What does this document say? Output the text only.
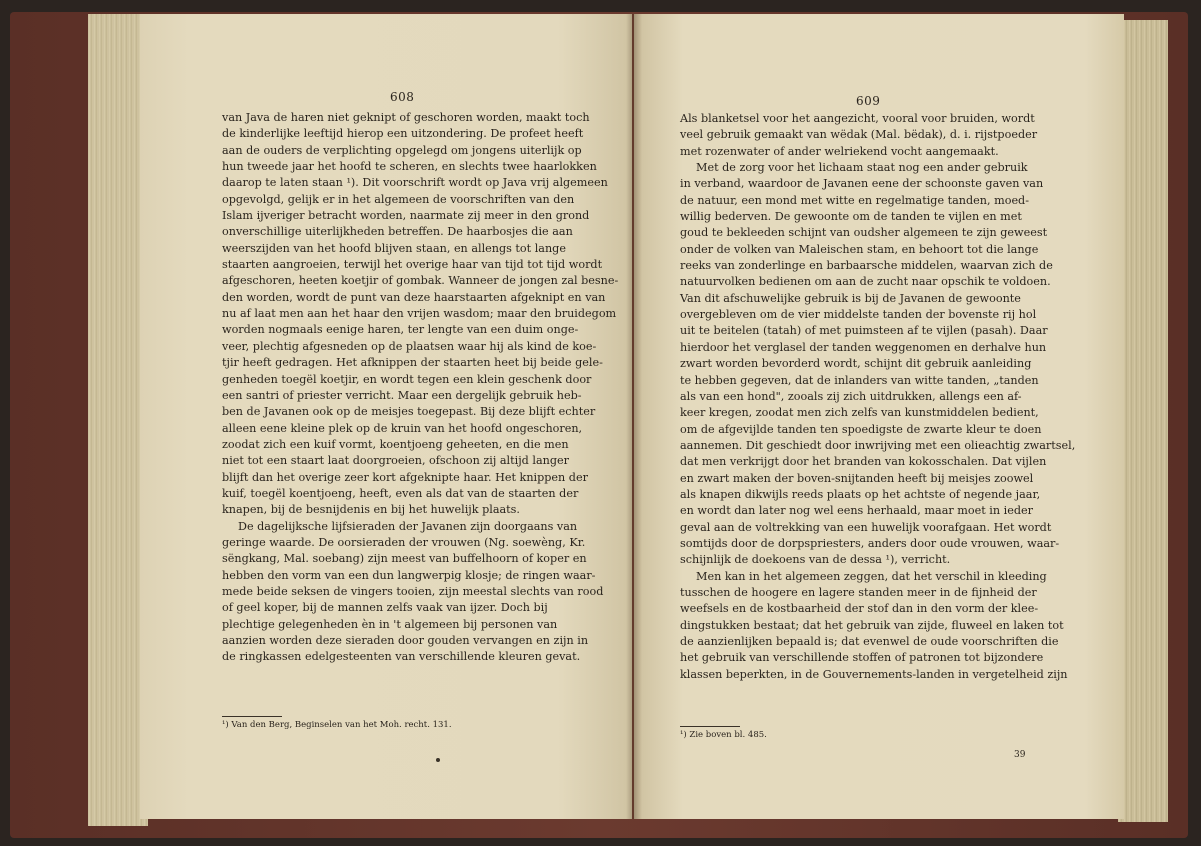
608
van Java de haren niet geknipt of geschoren worden, maakt toch
de kinderlijke leeftijd hierop een uitzondering. De profeet heeft
aan de ouders de verplichting opgelegd om jongens uiterlijk op
hun tweede jaar het hoofd te scheren, en slechts twee haarlokken
daarop te laten staan ¹). Dit voorschrift wordt op Java vrij algemeen
opgevolgd, gelijk er in het algemeen de voorschriften van den
Islam ijveriger betracht worden, naarmate zij meer in den grond
onverschillige uiterlijkheden betreffen. De haarbosjes die aan
weerszijden van het hoofd blijven staan, en allengs tot lange
staarten aangroeien, terwijl het overige haar van tijd tot tijd wordt
afgeschoren, heeten koetjir of gombak. Wanneer de jongen zal besne-
den worden, wordt de punt van deze haarstaarten afgeknipt en van
nu af laat men aan het haar den vrijen wasdom; maar den bruidegom
worden nogmaals eenige haren, ter lengte van een duim onge-
veer, plechtig afgesneden op de plaatsen waar hij als kind de koe-
tjir heeft gedragen. Het afknippen der staarten heet bij beide gele-
genheden toegël koetjir, en wordt tegen een klein geschenk door
een santri of priester verricht. Maar een dergelijk gebruik heb-
ben de Javanen ook op de meisjes toegepast. Bij deze blijft echter
alleen eene kleine plek op de kruin van het hoofd ongeschoren,
zoodat zich een kuif vormt, koentjoeng geheeten, en die men
niet tot een staart laat doorgroeien, ofschoon zij altijd langer
blijft dan het overige zeer kort afgeknipte haar. Het knippen der
kuif, toegël koentjoeng, heeft, even als dat van de staarten der
knapen, bij de besnijdenis en bij het huwelijk plaats.
De dagelijksche lijfsieraden der Javanen zijn doorgaans van
geringe waarde. De oorsieraden der vrouwen (Ng. soewèng, Kr.
sëngkang, Mal. soebang) zijn meest van buffelhoorn of koper en
hebben den vorm van een dun langwerpig klosje; de ringen waar-
mede beide seksen de vingers tooien, zijn meestal slechts van rood
of geel koper, bij de mannen zelfs vaak van ijzer. Doch bij
plechtige gelegenheden èn in 't algemeen bij personen van
aanzien worden deze sieraden door gouden vervangen en zijn in
de ringkassen edelgesteenten van verschillende kleuren gevat.
¹) Van den Berg, Beginselen van het Moh. recht. 131.
609
Als blanketsel voor het aangezicht, vooral voor bruiden, wordt
veel gebruik gemaakt van wëdak (Mal. bëdak), d. i. rijstpoeder
met rozenwater of ander welriekend vocht aangemaakt.
Met de zorg voor het lichaam staat nog een ander gebruik
in verband, waardoor de Javanen eene der schoonste gaven van
de natuur, een mond met witte en regelmatige tanden, moed-
willig bederven. De gewoonte om de tanden te vijlen en met
goud te bekleeden schijnt van oudsher algemeen te zijn geweest
onder de volken van Maleischen stam, en behoort tot die lange
reeks van zonderlinge en barbaarsche middelen, waarvan zich de
natuurvolken bedienen om aan de zucht naar opschik te voldoen.
Van dit afschuwelijke gebruik is bij de Javanen de gewoonte
overgebleven om de vier middelste tanden der bovenste rij hol
uit te beitelen (tatah) of met puimsteen af te vijlen (pasah). Daar
hierdoor het verglasel der tanden weggenomen en derhalve hun
zwart worden bevorderd wordt, schijnt dit gebruik aanleiding
te hebben gegeven, dat de inlanders van witte tanden, „tanden
als van een hond", zooals zij zich uitdrukken, allengs een af-
keer kregen, zoodat men zich zelfs van kunstmiddelen bedient,
om de afgevijlde tanden ten spoedigste de zwarte kleur te doen
aannemen. Dit geschiedt door inwrijving met een olieachtig zwartsel,
dat men verkrijgt door het branden van kokosschalen. Dat vijlen
en zwart maken der boven-snijtanden heeft bij meisjes zoowel
als knapen dikwijls reeds plaats op het achtste of negende jaar,
en wordt dan later nog wel eens herhaald, maar moet in ieder
geval aan de voltrekking van een huwelijk voorafgaan. Het wordt
somtijds door de dorpspriesters, anders door oude vrouwen, waar-
schijnlijk de doekoens van de dessa ¹), verricht.
Men kan in het algemeen zeggen, dat het verschil in kleeding
tusschen de hoogere en lagere standen meer in de fijnheid der
weefsels en de kostbaarheid der stof dan in den vorm der klee-
dingstukken bestaat; dat het gebruik van zijde, fluweel en laken tot
de aanzienlijken bepaald is; dat evenwel de oude voorschriften die
het gebruik van verschillende stoffen of patronen tot bijzondere
klassen beperkten, in de Gouvernements-landen in vergetelheid zijn
¹) Zie boven bl. 485.
39
